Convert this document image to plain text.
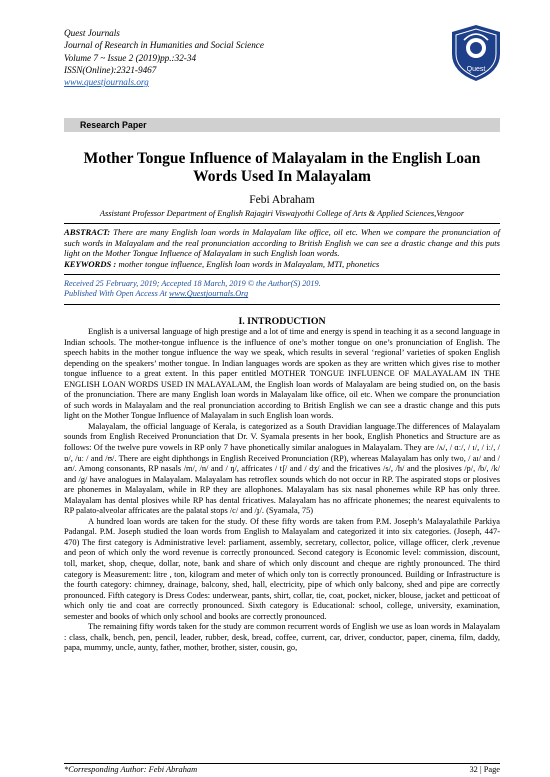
Quest Journals
Journal of Research in Humanities and Social Science
Volume 7 ~ Issue 2 (2019)pp.:32-34
ISSN(Online):2321-9467
www.questjournals.org
Quest
Research Paper
Mother Tongue Influence of Malayalam in the English Loan Words Used In Malayalam
Febi Abraham
Assistant Professor Department of English Rajagiri Viswajyothi College of Arts & Applied Sciences,Vengoor
ABSTRACT: There are many English loan words in Malayalam like office, oil etc. When we compare the pronunciation of such words in Malayalam and the real pronunciation according to British English we can see a drastic change and this puts light on the Mother Tongue Influence of Malayalam in such English loan words.
KEYWORDS : mother tongue influence, English loan words in Malayalam, MTI, phonetics
Received 25 February, 2019; Accepted 18 March, 2019 © the Author(S) 2019.
Published With Open Access At www.Questjournals.Org
I. INTRODUCTION

English is a universal language of high prestige and a lot of time and energy is spend in teaching it as a second language in Indian schools. The mother-tongue influence is the influence of one’s mother tongue on one’s pronunciation of English. The speech habits in the mother tongue influence the way we speak, which results in several ‘regional’ varieties of spoken English depending on the speakers’ mother tongue. In Indian languages words are spoken as they are written which gives rise to mother tongue influence to a great extent. In this paper entitled MOTHER TONGUE INFLUENCE OF MALAYALAM IN THE ENGLISH LOAN WORDS USED IN MALAYALAM, the English loan words of Malayalam are being studied on, on the basis of the pronunciation. There are many English loan words in Malayalam like office, oil etc. When we compare the pronunciation of such words in Malayalam and the real pronunciation according to British English we can see a drastic change and this puts light on the Mother Tongue Influence of Malayalam in such English loan words.

Malayalam, the official language of Kerala, is categorized as a South Dravidian language.The differences of Malayalam sounds from English Received Pronunciation that Dr. V. Syamala presents in her book, English Phonetics and Structure are as follows: Of the twelve pure vowels in RP only 7 have phonetically similar analogues in Malayalam. They are /ʌ/, / ɑː/, / ɪ/, / iː/, / ɒ/, /uː / and /ʊ/. There are eight diphthongs in English Received Pronunciation (RP), whereas Malayalam has only two, / aɪ/ and / aʊ/. Among consonants, RP nasals /m/, /n/ and / ŋ/, affricates / tʃ/ and / dʒ/ and the fricatives /s/, /h/ and the plosives /p/, /b/, /k/ and /g/ have analogues in Malayalam. Malayalam has retroflex sounds which do not occur in RP. The aspirated stops or plosives are phonemes in Malayalam, while in RP they are allophones. Malayalam has six nasal phonemes while RP has only three. Malayalam has dental plosives while RP has dental fricatives. Malayalam has no affricate phonemes; the nearest equivalents to RP palato-alveolar affricates are the palatal stops /c/ and /ɟ/. (Syamala, 75)

A hundred loan words are taken for the study. Of these fifty words are taken from P.M. Joseph’s Malayalathile Parkiya Padangal. P.M. Joseph studied the loan words from English to Malayalam and categorized it into six categories. (Joseph, 447-470) The first category is Administrative level: parliament, assembly, secretary, collector, police, village officer, clerk ,revenue and peon of which only the word revenue is correctly pronounced. Second category is Economic level: commission, discount, toll, market, shop, cheque, dollar, note, bank and share of which only discount and cheque are rightly pronounced. The third category is Measurement: litre , ton, kilogram and meter of which only ton is correctly pronounced. Building or Infrastructure is the fourth category: chimney, drainage, balcony, shed, hall, electricity, pipe of which only balcony, shed and pipe are correctly pronounced. Fifth category is Dress Codes: underwear, pants, shirt, collar, tie, coat, pocket, nicker, blouse, jacket and petticoat of which only tie and coat are correctly pronounced. Sixth category is Educational: school, college, university, examination, semester and books of which only school and books are correctly pronounced.

The remaining fifty words taken for the study are common recurrent words of English we use as loan words in Malayalam : class, chalk, bench, pen, pencil, leader, rubber, desk, bread, coffee, current, car, driver, conductor, paper, cinema, film, daddy, papa, mummy, uncle, aunty, father, mother, brother, sister, cousin, go,

*Corresponding Author: Febi Abraham	32 | Page
